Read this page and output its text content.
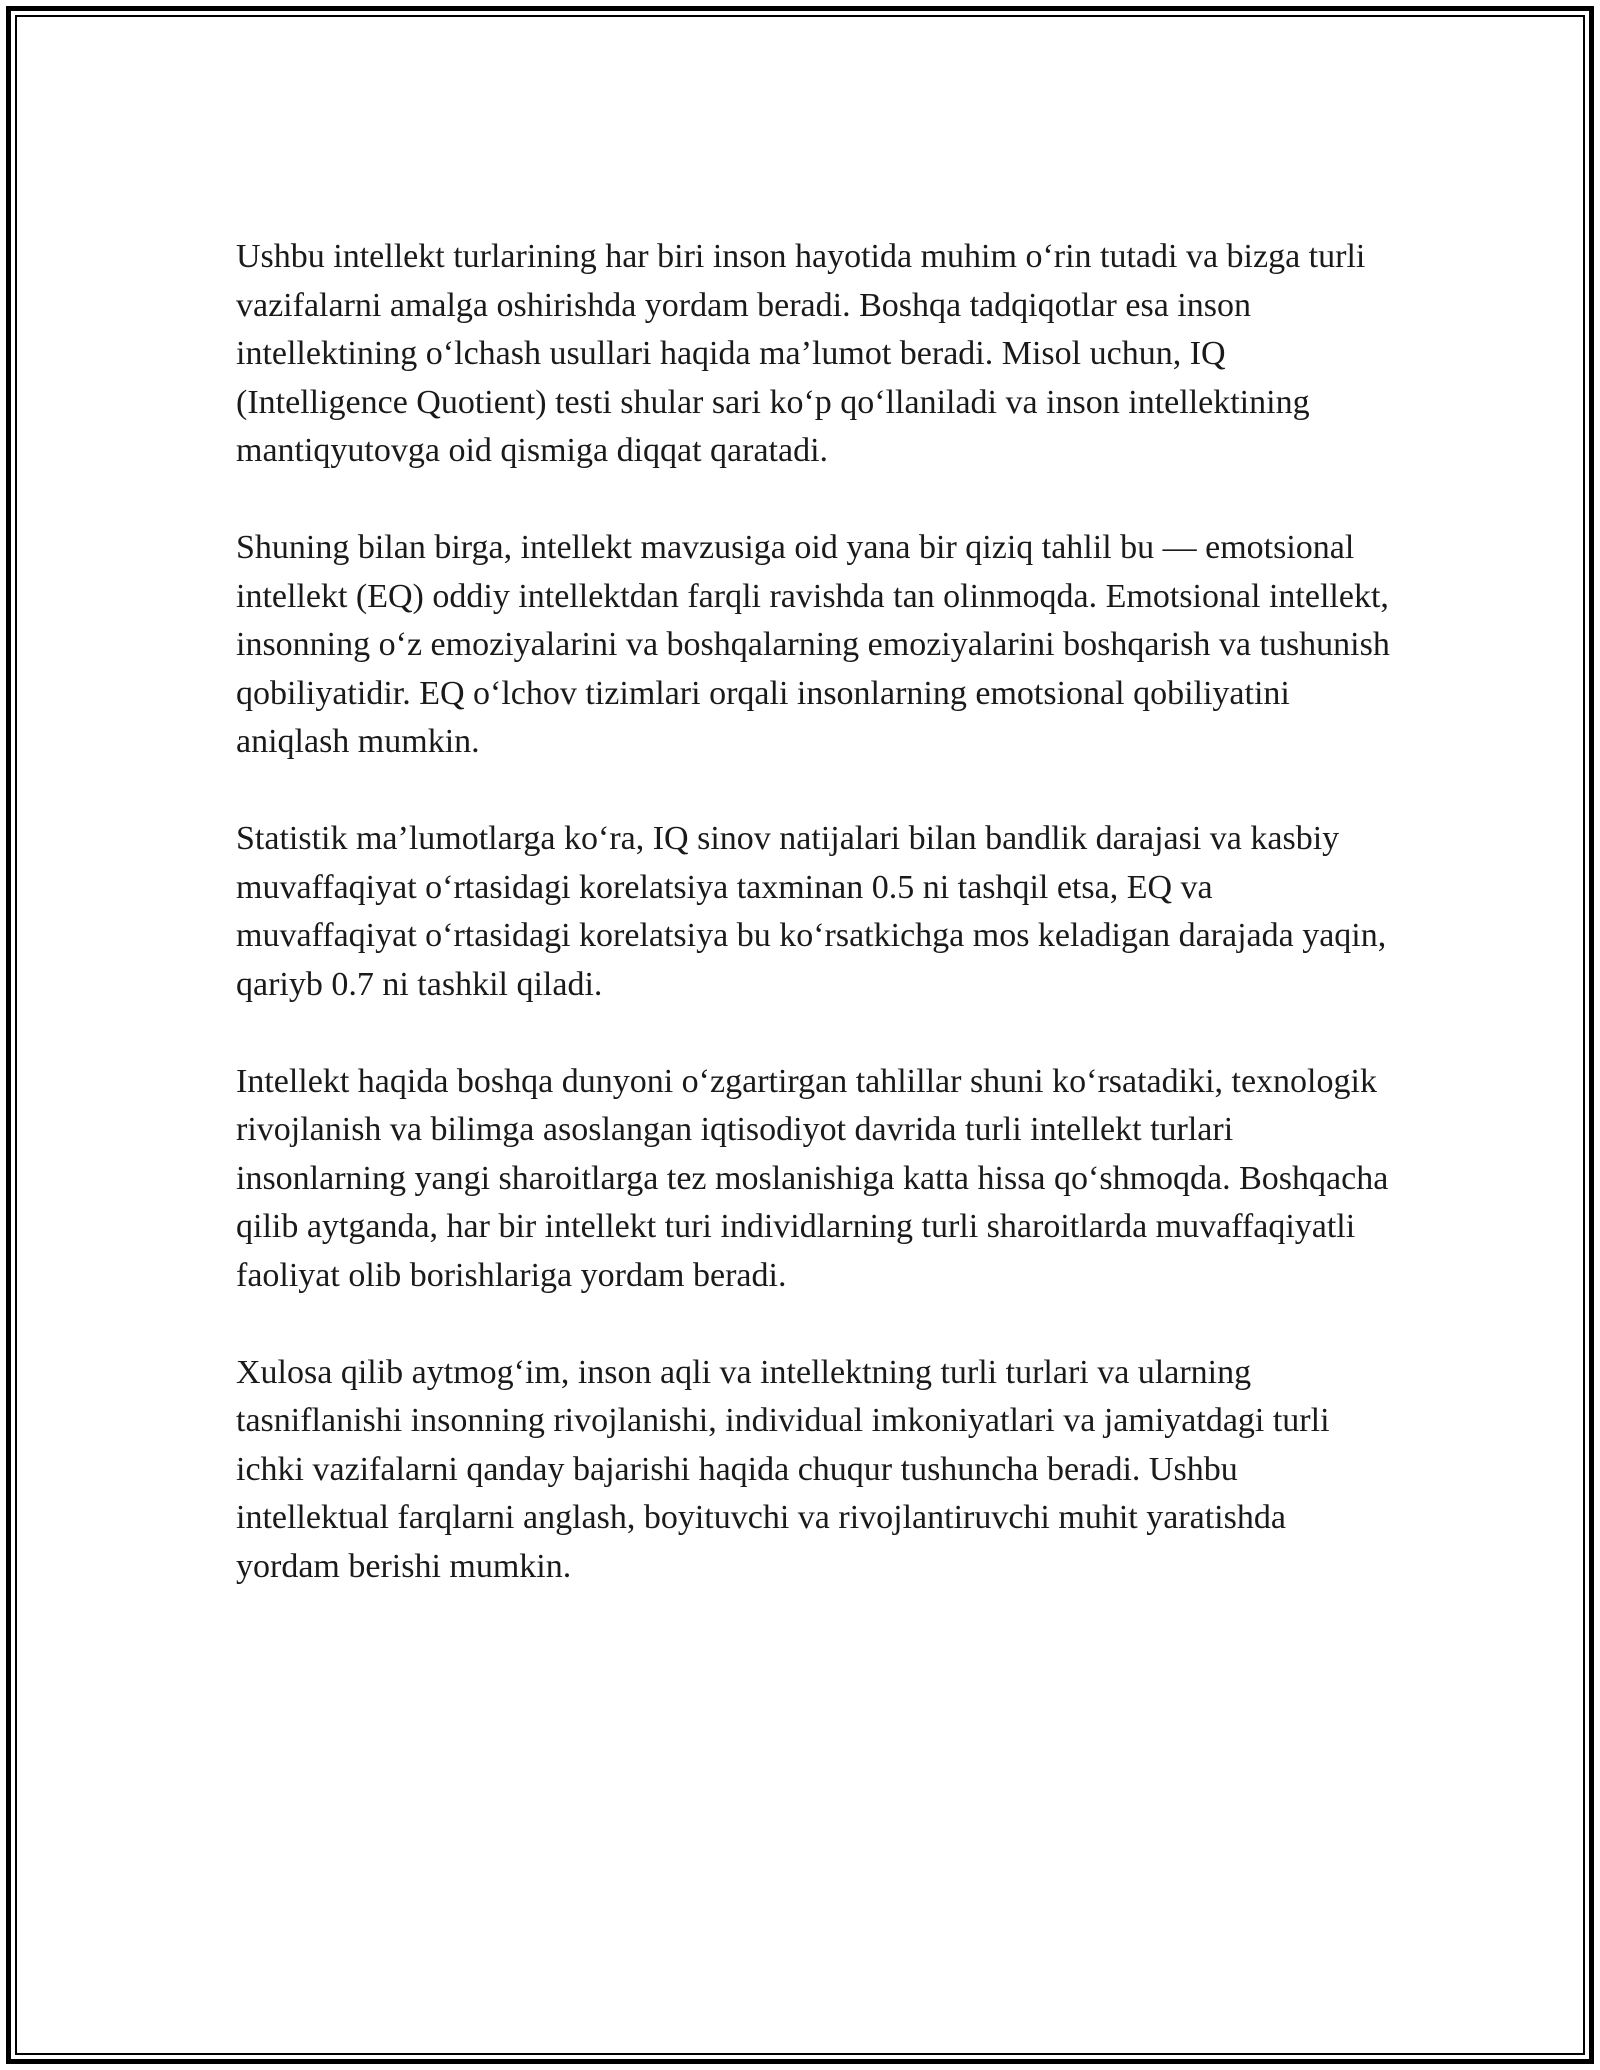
Ushbu intellekt turlarining har biri inson hayotida muhim o‘rin tutadi va bizga turli vazifalarni amalga oshirishda yordam beradi. Boshqa tadqiqotlar esa inson intellektining o‘lchash usullari haqida ma’lumot beradi. Misol uchun, IQ (Intelligence Quotient) testi shular sari ko‘p qo‘llaniladi va inson intellektining mantiqyutovga oid qismiga diqqat qaratadi.

Shuning bilan birga, intellekt mavzusiga oid yana bir qiziq tahlil bu — emotsional intellekt (EQ) oddiy intellektdan farqli ravishda tan olinmoqda. Emotsional intellekt, insonning o‘z emoziyalarini va boshqalarning emoziyalarini boshqarish va tushunish qobiliyatidir. EQ o‘lchov tizimlari orqali insonlarning emotsional qobiliyatini aniqlash mumkin.

Statistik ma’lumotlarga ko‘ra, IQ sinov natijalari bilan bandlik darajasi va kasbiy muvaffaqiyat o‘rtasidagi korelatsiya taxminan 0.5 ni tashqil etsa, EQ va muvaffaqiyat o‘rtasidagi korelatsiya bu ko‘rsatkichga mos keladigan darajada yaqin, qariyb 0.7 ni tashkil qiladi.

Intellekt haqida boshqa dunyoni o‘zgartirgan tahlillar shuni ko‘rsatadiki, texnologik rivojlanish va bilimga asoslangan iqtisodiyot davrida turli intellekt turlari insonlarning yangi sharoitlarga tez moslanishiga katta hissa qo‘shmoqda. Boshqacha qilib aytganda, har bir intellekt turi individlarning turli sharoitlarda muvaffaqiyatli faoliyat olib borishlariga yordam beradi.

Xulosa qilib aytmog‘im, inson aqli va intellektning turli turlari va ularning tasniflanishi insonning rivojlanishi, individual imkoniyatlari va jamiyatdagi turli ichki vazifalarni qanday bajarishi haqida chuqur tushuncha beradi. Ushbu intellektual farqlarni anglash, boyituvchi va rivojlantiruvchi muhit yaratishda yordam berishi mumkin.
